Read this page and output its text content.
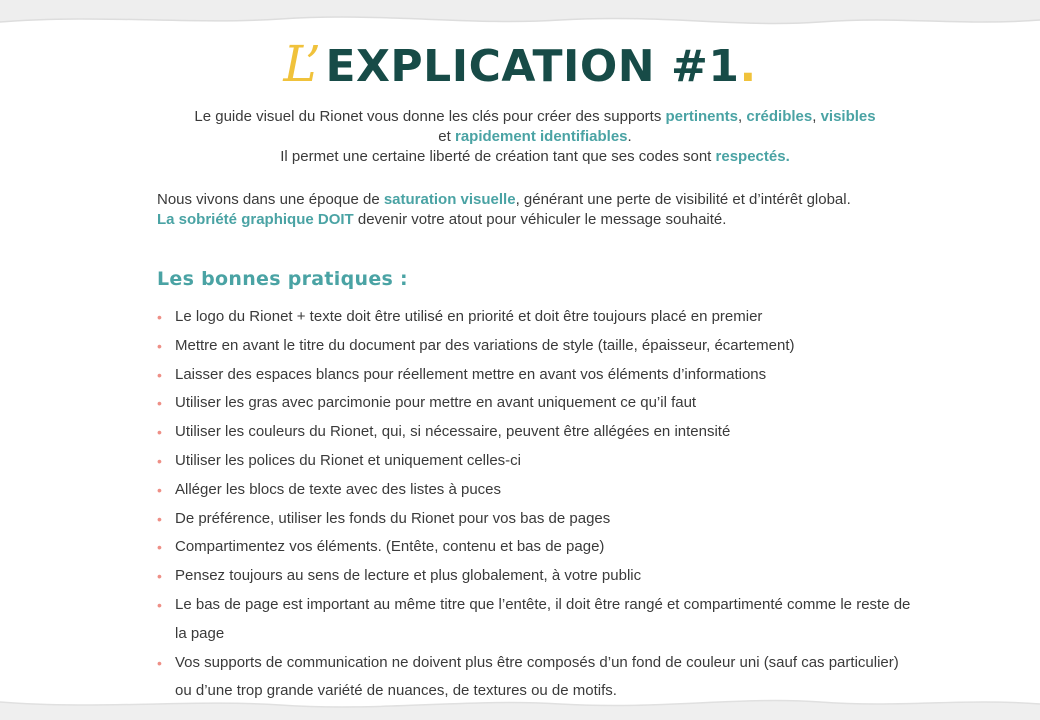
L’EXPLICATION #1.
Le guide visuel du Rionet vous donne les clés pour créer des supports pertinents, crédibles, visibles
et rapidement identifiables.
Il permet une certaine liberté de création tant que ses codes sont respectés.
Nous vivons dans une époque de saturation visuelle, générant une perte de visibilité et d’intérêt global. La sobriété graphique DOIT devenir votre atout pour véhiculer le message souhaité.
Les bonnes pratiques :
• Le logo du Rionet + texte doit être utilisé en priorité et doit être toujours placé en premier
• Mettre en avant le titre du document par des variations de style (taille, épaisseur, écartement)
• Laisser des espaces blancs pour réellement mettre en avant vos éléments d’informations
• Utiliser les gras avec parcimonie pour mettre en avant uniquement ce qu’il faut
• Utiliser les couleurs du Rionet, qui, si nécessaire, peuvent être allégées en intensité
• Utiliser les polices du Rionet et uniquement celles-ci
• Alléger les blocs de texte avec des listes à puces
• De préférence, utiliser les fonds du Rionet pour vos bas de pages
• Compartimentez vos éléments. (Entête, contenu et bas de page)
• Pensez toujours au sens de lecture et plus globalement, à votre public
• Le bas de page est important au même titre que l’entête, il doit être rangé et compartimenté comme le reste de la page
• Vos supports de communication ne doivent plus être composés d’un fond de couleur uni (sauf cas particulier) ou d’une trop grande variété de nuances, de textures ou de motifs.
